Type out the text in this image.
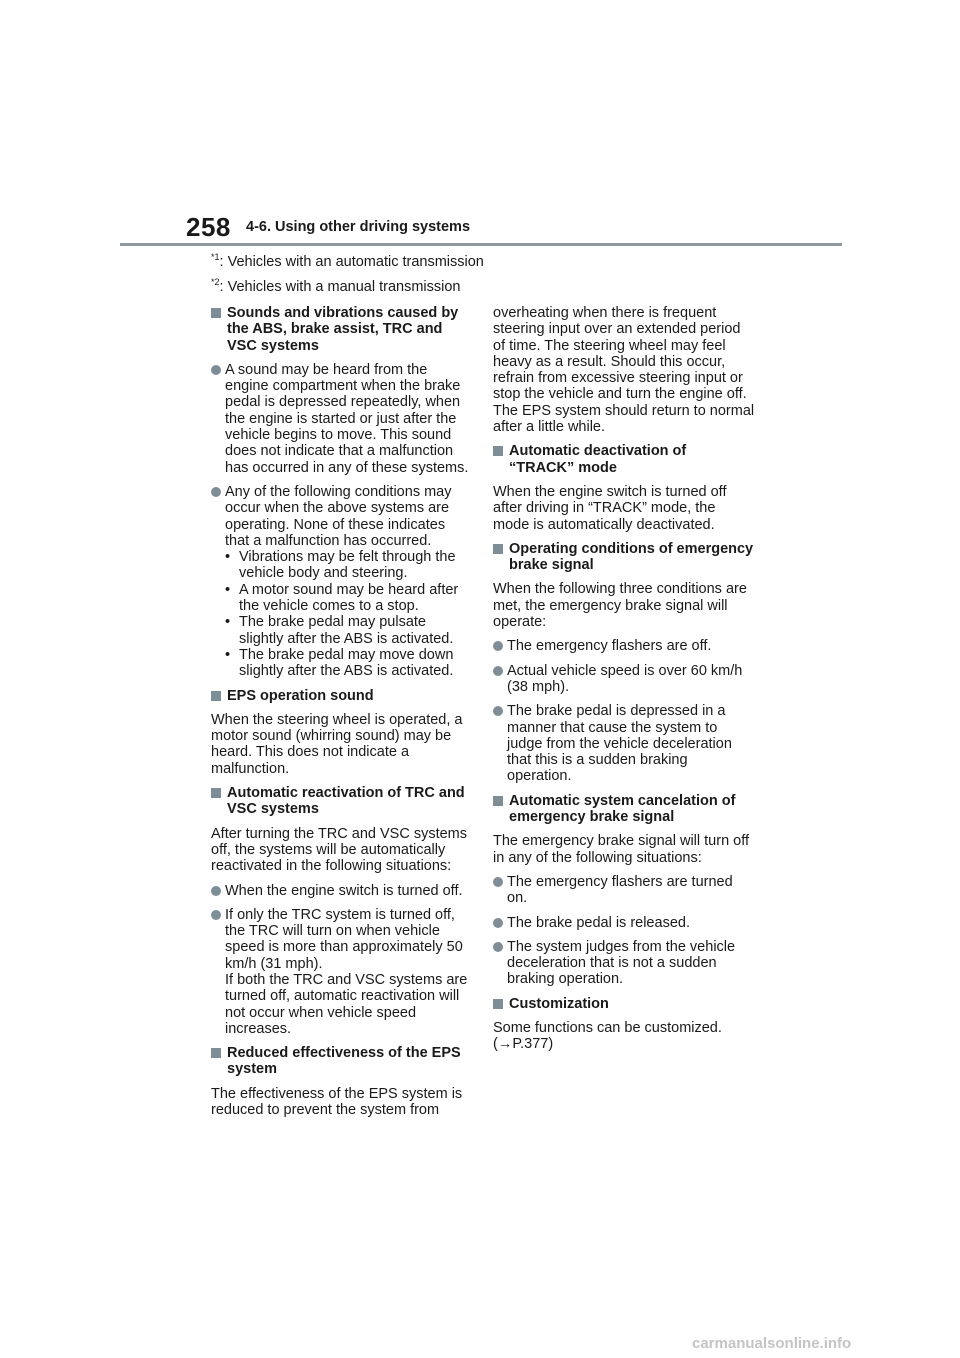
258 4-6. Using other driving systems
$^{*1}$: Vehicles with an automatic transmission
$^{*2}$: Vehicles with a manual transmission
Sounds and vibrations caused by the ABS, brake assist, TRC and VSC systems
A sound may be heard from the engine compartment when the brake pedal is depressed repeatedly, when the engine is started or just after the vehicle begins to move. This sound does not indicate that a malfunction has occurred in any of these systems.
Any of the following conditions may occur when the above systems are operating. None of these indicates that a malfunction has occurred.
• Vibrations may be felt through the vehicle body and steering.
• A motor sound may be heard after the vehicle comes to a stop.
• The brake pedal may pulsate slightly after the ABS is activated.
• The brake pedal may move down slightly after the ABS is activated.
EPS operation sound
When the steering wheel is operated, a motor sound (whirring sound) may be heard. This does not indicate a malfunction.
Automatic reactivation of TRC and VSC systems
After turning the TRC and VSC systems off, the systems will be automatically reactivated in the following situations:
When the engine switch is turned off.
If only the TRC system is turned off, the TRC will turn on when vehicle speed is more than approximately 50 km/h (31 mph).
If both the TRC and VSC systems are turned off, automatic reactivation will not occur when vehicle speed increases.
Reduced effectiveness of the EPS system
The effectiveness of the EPS system is reduced to prevent the system from
overheating when there is frequent steering input over an extended period of time. The steering wheel may feel heavy as a result. Should this occur, refrain from excessive steering input or stop the vehicle and turn the engine off. The EPS system should return to normal after a little while.
Automatic deactivation of “TRACK” mode
When the engine switch is turned off after driving in “TRACK” mode, the mode is automatically deactivated.
Operating conditions of emergency brake signal
When the following three conditions are met, the emergency brake signal will operate:
The emergency flashers are off.
Actual vehicle speed is over 60 km/h (38 mph).
The brake pedal is depressed in a manner that cause the system to judge from the vehicle deceleration that this is a sudden braking operation.
Automatic system cancelation of emergency brake signal
The emergency brake signal will turn off in any of the following situations:
The emergency flashers are turned on.
The brake pedal is released.
The system judges from the vehicle deceleration that is not a sudden braking operation.
Customization
Some functions can be customized. (→P.377)
carmanualsonline.info
